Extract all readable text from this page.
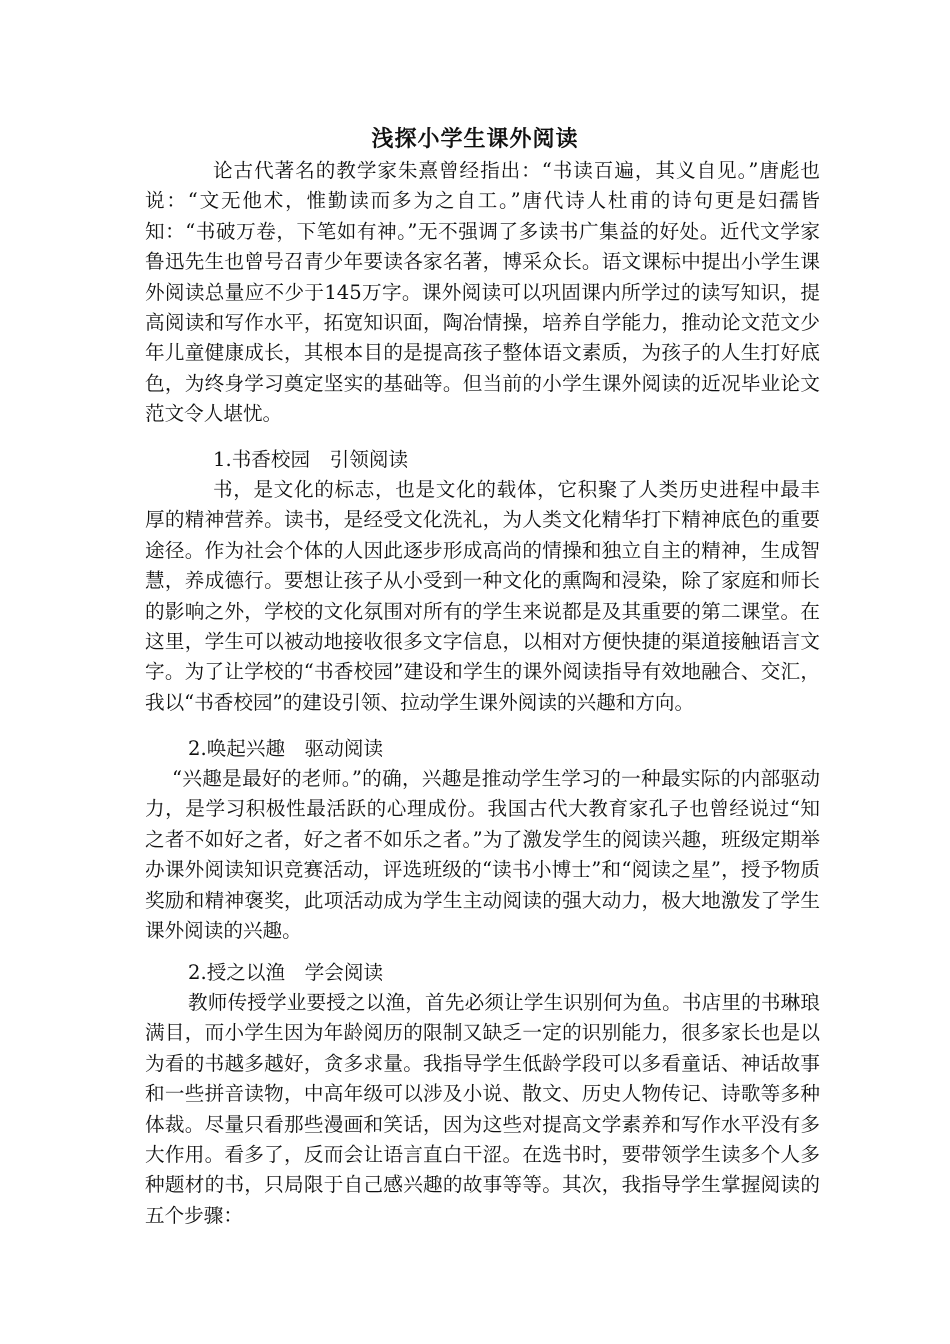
浅探小学生课外阅读

论古代著名的教学家朱熹曾经指出：“书读百遍，其义自见。”唐彪也说：“文无他术，惟勤读而多为之自工。”唐代诗人杜甫的诗句更是妇孺皆知：“书破万卷，下笔如有神。”无不强调了多读书广集益的好处。近代文学家鲁迅先生也曾号召青少年要读各家名著，博采众长。语文课标中提出小学生课外阅读总量应不少于145万字。课外阅读可以巩固课内所学过的读写知识，提高阅读和写作水平，拓宽知识面，陶冶情操，培养自学能力，推动论文范文少年儿童健康成长，其根本目的是提高孩子整体语文素质，为孩子的人生打好底色，为终身学习奠定坚实的基础等。但当前的小学生课外阅读的近况毕业论文范文令人堪忧。

1.书香校园　引领阅读

书，是文化的标志，也是文化的载体，它积聚了人类历史进程中最丰厚的精神营养。读书，是经受文化洗礼，为人类文化精华打下精神底色的重要途径。作为社会个体的人因此逐步形成高尚的情操和独立自主的精神，生成智慧，养成德行。要想让孩子从小受到一种文化的熏陶和浸染，除了家庭和师长的影响之外，学校的文化氛围对所有的学生来说都是及其重要的第二课堂。在这里，学生可以被动地接收很多文字信息，以相对方便快捷的渠道接触语言文字。为了让学校的“书香校园”建设和学生的课外阅读指导有效地融合、交汇，我以“书香校园”的建设引领、拉动学生课外阅读的兴趣和方向。

2.唤起兴趣　驱动阅读

“兴趣是最好的老师。”的确，兴趣是推动学生学习的一种最实际的内部驱动力，是学习积极性最活跃的心理成份。我国古代大教育家孔子也曾经说过“知之者不如好之者，好之者不如乐之者。”为了激发学生的阅读兴趣，班级定期举办课外阅读知识竞赛活动，评选班级的“读书小博士”和“阅读之星”，授予物质奖励和精神褒奖，此项活动成为学生主动阅读的强大动力，极大地激发了学生课外阅读的兴趣。

2.授之以渔　学会阅读

教师传授学业要授之以渔，首先必须让学生识别何为鱼。书店里的书琳琅满目，而小学生因为年龄阅历的限制又缺乏一定的识别能力，很多家长也是以为看的书越多越好，贪多求量。我指导学生低龄学段可以多看童话、神话故事和一些拼音读物，中高年级可以涉及小说、散文、历史人物传记、诗歌等多种体裁。尽量只看那些漫画和笑话，因为这些对提高文学素养和写作水平没有多大作用。看多了，反而会让语言直白干涩。在选书时，要带领学生读多个人多种题材的书，只局限于自己感兴趣的故事等等。其次，我指导学生掌握阅读的五个步骤：
